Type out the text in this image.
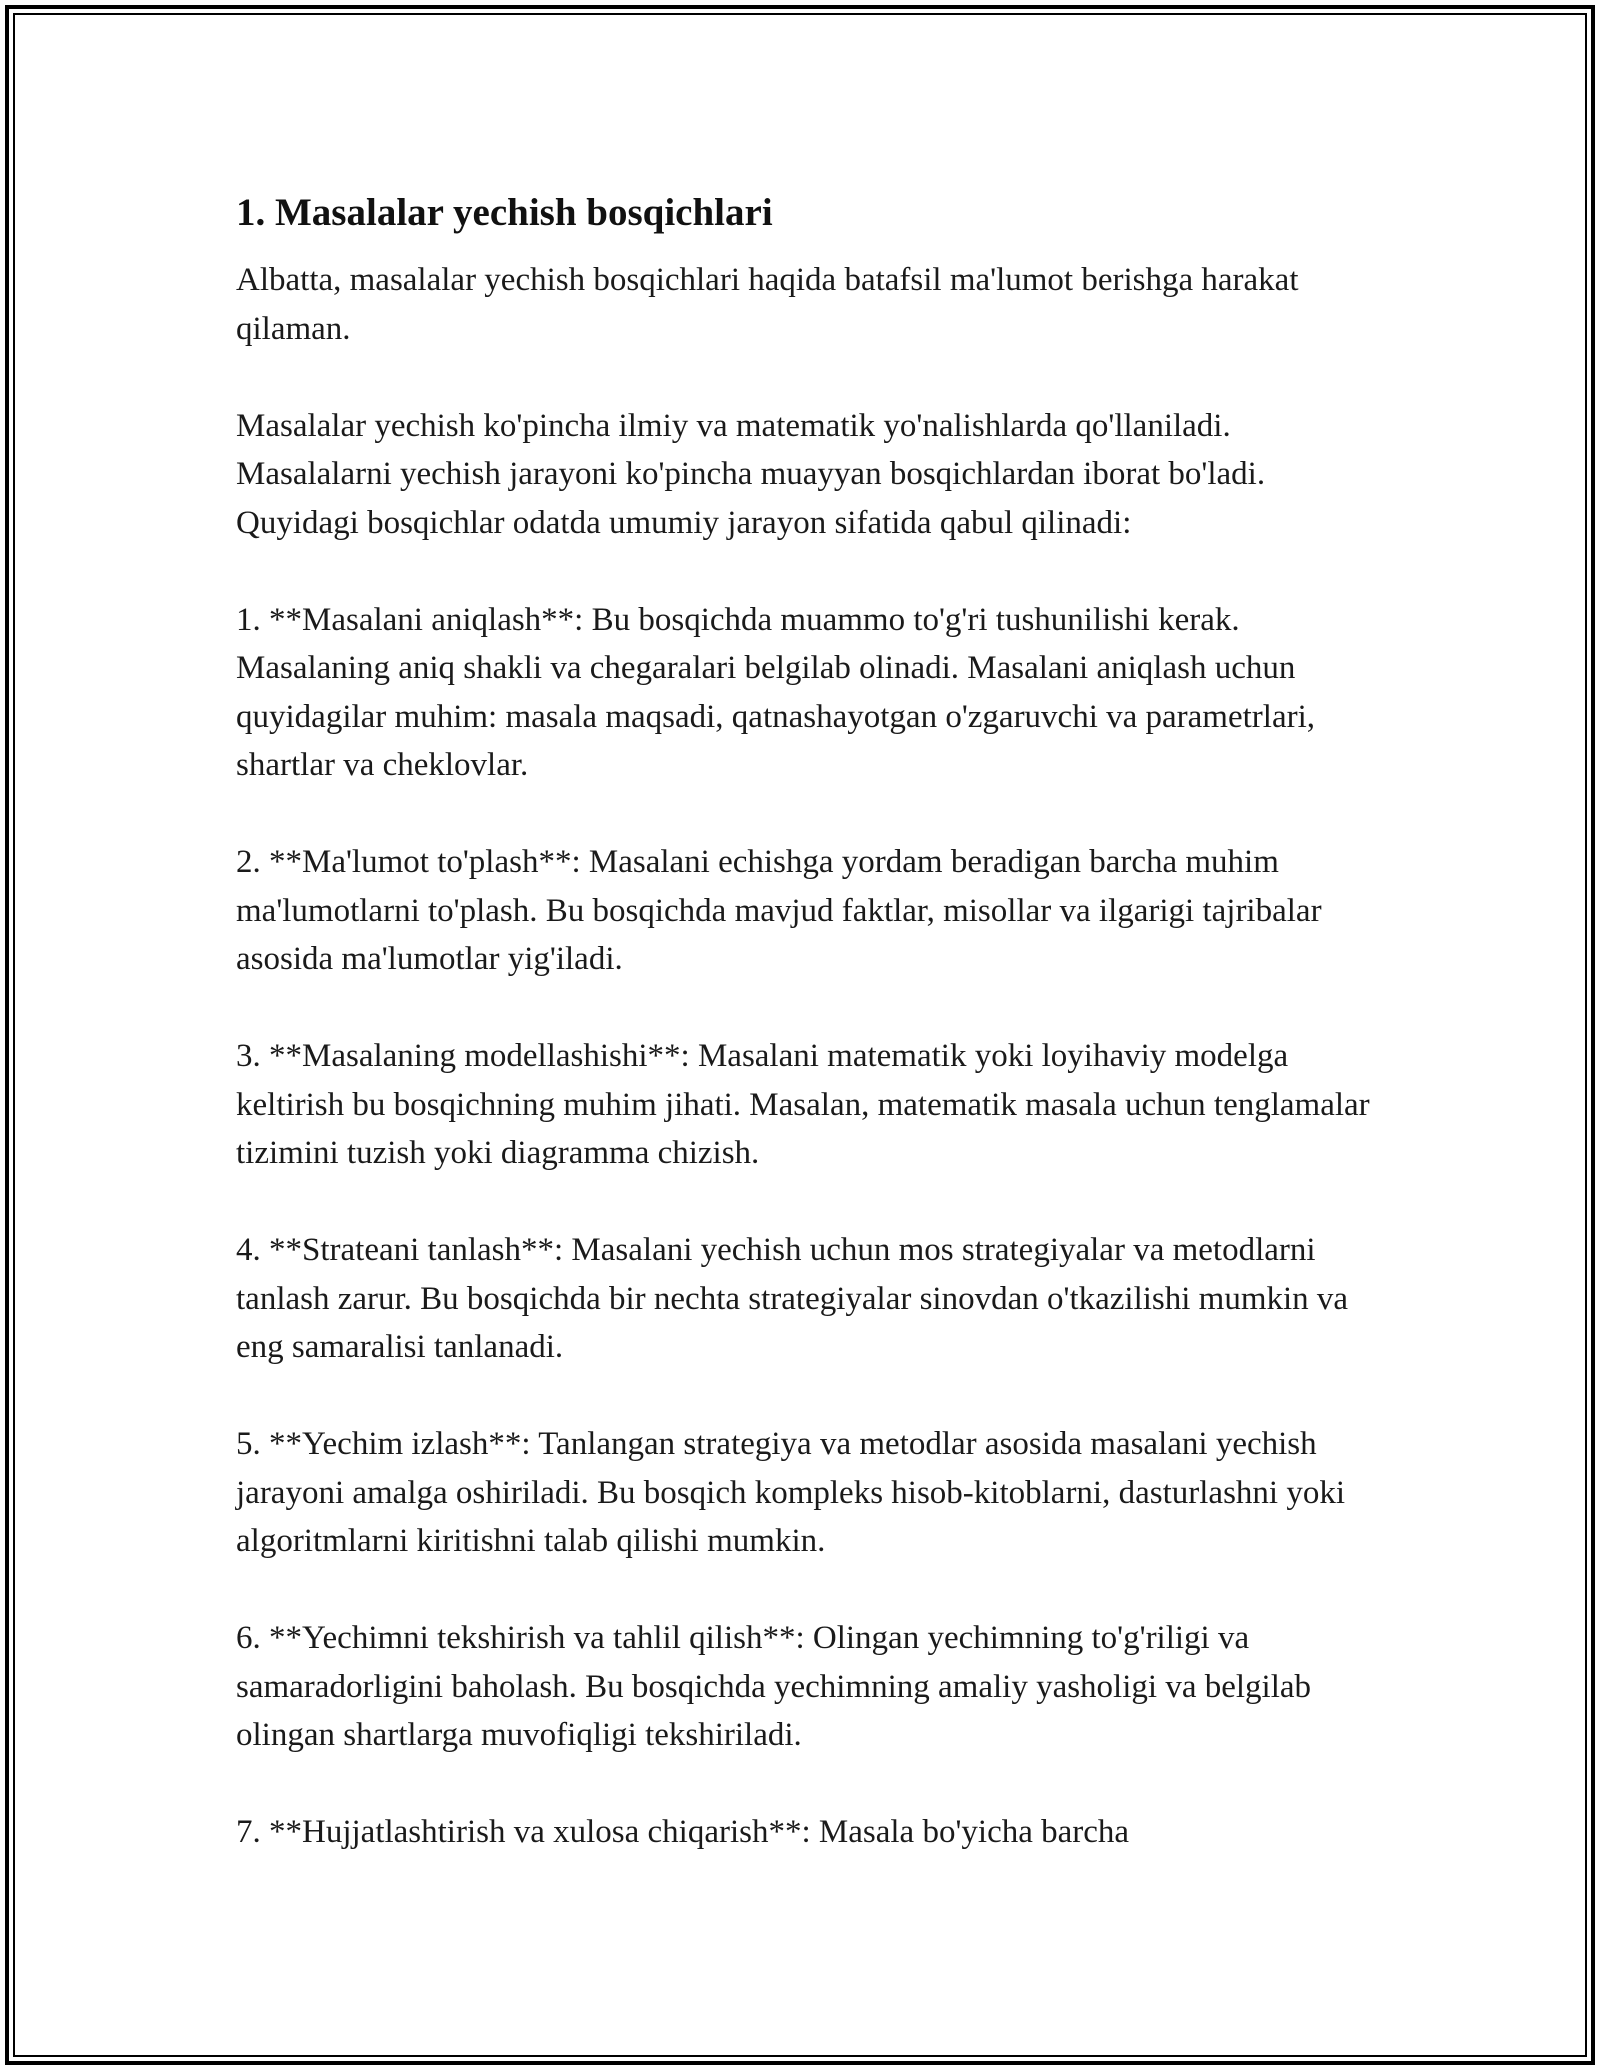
1. Masalalar yechish bosqichlari

Albatta, masalalar yechish bosqichlari haqida batafsil ma'lumot berishga harakat qilaman.

Masalalar yechish ko'pincha ilmiy va matematik yo'nalishlarda qo'llaniladi. Masalalarni yechish jarayoni ko'pincha muayyan bosqichlardan iborat bo'ladi. Quyidagi bosqichlar odatda umumiy jarayon sifatida qabul qilinadi:

1. **Masalani aniqlash**: Bu bosqichda muammo to'g'ri tushunilishi kerak. Masalaning aniq shakli va chegaralari belgilab olinadi. Masalani aniqlash uchun quyidagilar muhim: masala maqsadi, qatnashayotgan o'zgaruvchi va parametrlari, shartlar va cheklovlar.

2. **Ma'lumot to'plash**: Masalani echishga yordam beradigan barcha muhim ma'lumotlarni to'plash. Bu bosqichda mavjud faktlar, misollar va ilgarigi tajribalar asosida ma'lumotlar yig'iladi.

3. **Masalaning modellashishi**: Masalani matematik yoki loyihaviy modelga keltirish bu bosqichning muhim jihati. Masalan, matematik masala uchun tenglamalar tizimini tuzish yoki diagramma chizish.

4. **Strateani tanlash**: Masalani yechish uchun mos strategiyalar va metodlarni tanlash zarur. Bu bosqichda bir nechta strategiyalar sinovdan o'tkazilishi mumkin va eng samaralisi tanlanadi.

5. **Yechim izlash**: Tanlangan strategiya va metodlar asosida masalani yechish jarayoni amalga oshiriladi. Bu bosqich kompleks hisob-kitoblarni, dasturlashni yoki algoritmlarni kiritishni talab qilishi mumkin.

6. **Yechimni tekshirish va tahlil qilish**: Olingan yechimning to'g'riligi va samaradorligini baholash. Bu bosqichda yechimning amaliy yasholigi va belgilab olingan shartlarga muvofiqligi tekshiriladi.

7. **Hujjatlashtirish va xulosa chiqarish**: Masala bo'yicha barcha
